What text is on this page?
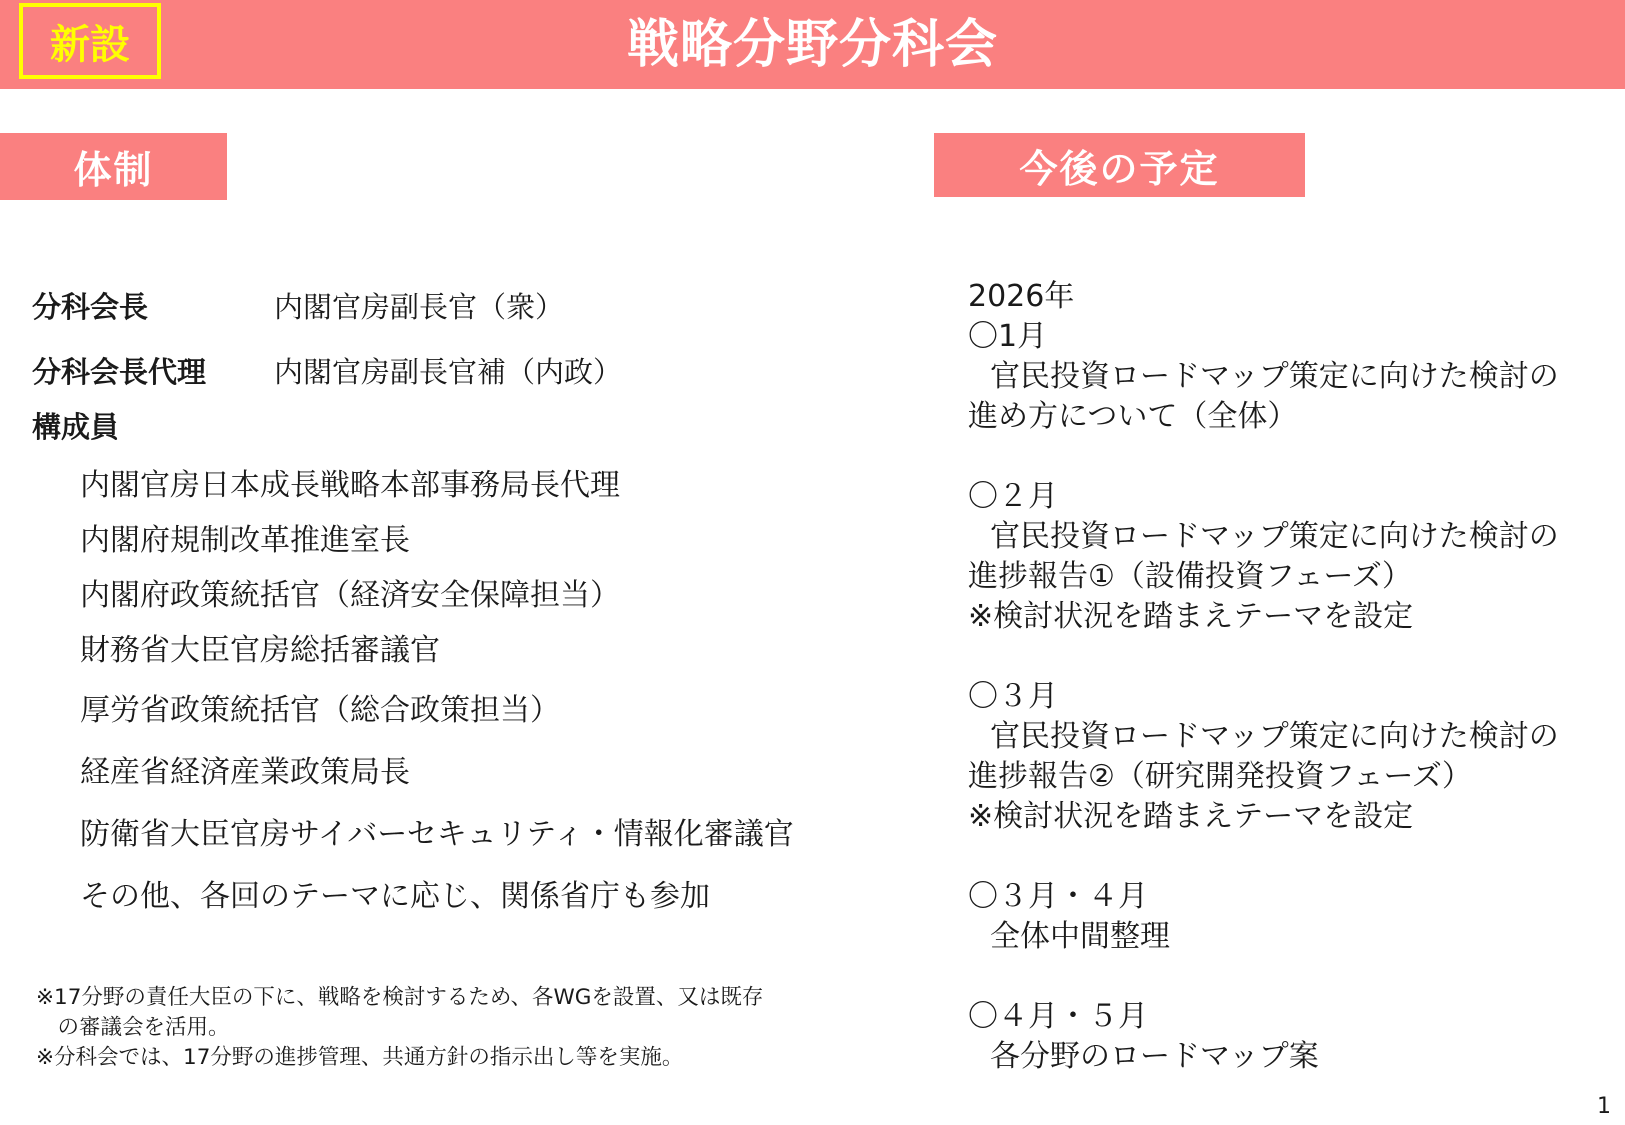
新設	戦略分野分科会
体制	今後の予定
分科会長	内閣官房副長官（衆）
分科会長代理	内閣官房副長官補（内政）
構成員
内閣官房日本成長戦略本部事務局長代理
内閣府規制改革推進室長
内閣府政策統括官（経済安全保障担当）
財務省大臣官房総括審議官
厚労省政策統括官（総合政策担当）
経産省経済産業政策局長
防衛省大臣官房サイバーセキュリティ・情報化審議官
その他、各回のテーマに応じ、関係省庁も参加
※17分野の責任大臣の下に、戦略を検討するため、各WGを設置、又は既存
　の審議会を活用。
※分科会では、17分野の進捗管理、共通方針の指示出し等を実施。
2026年
〇1月
官民投資ロードマップ策定に向けた検討の
進め方について（全体）
〇２月
官民投資ロードマップ策定に向けた検討の
進捗報告①（設備投資フェーズ）
※検討状況を踏まえテーマを設定
〇３月
官民投資ロードマップ策定に向けた検討の
進捗報告②（研究開発投資フェーズ）
※検討状況を踏まえテーマを設定
〇３月・４月
全体中間整理
〇４月・５月
各分野のロードマップ案
1
